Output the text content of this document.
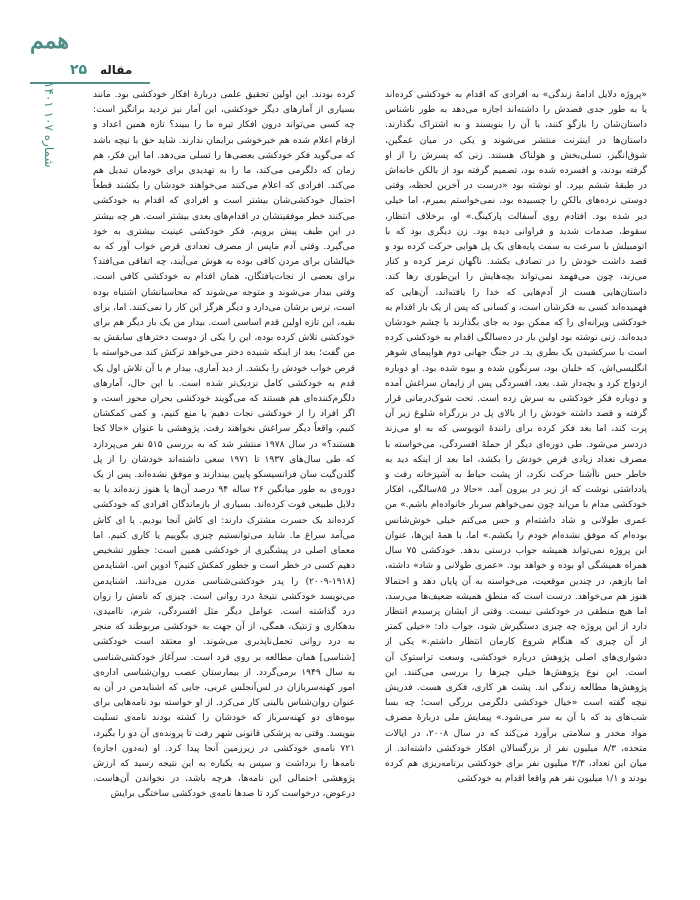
همم
۲۵ مقاله
شماره ۱۰۷ ۱۴۰۱

«پروژه دلایل ادامهٔ زندگی» به افرادی که اقدام به خودکشی کرده‌اند یا به طور جدی قصدش را داشته‌اند اجازه می‌دهد به طور ناشناس داستان‌شان را بازگو کنند، یا آن را بنویسند و به اشتراک بگذارند. داستان‌ها در اینترنت منتشر می‌شوند و یکی در میان غمگین، شوق‌انگیز، تسلی‌بخش و هولناک هستند. زنی که پسرش را از او گرفته بودند، و افسرده شده بود، تصمیم گرفته بود از بالکن خانه‌اش در طبقهٔ ششم بپرد. او نوشته بود «درست در آخرین لحظه، وقتی دوستی نرده‌های بالکن را چسبیده بود، نمی‌خواستم بمیرم، اما خیلی دیر شده بود. افتادم روی آسفالت پارکینگ.» او، برخلاف انتظار، سقوط، صدمات شدید و فراوانی دیده بود. زن دیگری بود که با اتومبیلش با سرعت به سمت پایه‌های یک پل هوایی حرکت کرده بود و قصد داشت خودش را در تصادف بکشد. ناگهان ترمز کرده و کنار می‌زند، چون می‌فهمد نمی‌تواند بچه‌هایش را این‌طوری رها کند. داستان‌هایی هست از آدم‌هایی که خدا را یافته‌اند، آن‌هایی که فهمیده‌اند کسی به فکرشان است، و کسانی که پس از یک بار اقدام به خودکشی ویرانه‌ای را که ممکن بود به جای بگذارند با چشم خودشان دیده‌اند. زنی نوشته بود اولین بار در ده‌سالگی اقدام به خودکشی کرده است با سرکشیدن یک بطری ید. در جنگ جهانی دوم هواپیمای شوهر انگلیسی‌اش، که خلبان بود، سرنگون شده و بیوه شده بود. او دوباره ازدواج کرد و بچه‌دار شد. بعد، افسردگی پس از زایمان سراغش آمده و دوباره فکر خودکشی به سرش زده است. تحت شوک‌درمانی قرار گرفته و قصد داشته خودش را از بالای پل در بزرگراه شلوغ زیر آن پرت کند، اما بعد فکر کرده برای رانندهٔ اتوبوسی که به او می‌زند دردسر می‌شود. طی دوره‌ای دیگر از حملهٔ افسردگی، می‌خواسته با مصرف تعداد زیادی قرص خودش را بکشد، اما بعد از اینکه دید به خاطر حس ناآشنا حرکت نکرد، از پشت حیاط به آشپزخانه رفت و یادداشتی نوشت که از زیر در بیرون آمد. «حالا در ۸۵سالگی، افکار خودکشی مدام با من‌اند چون نمی‌خواهم سربار خانواده‌ام باشم.» من عمری طولانی و شاد داشته‌ام و حس می‌کنم خیلی خوش‌شانس بوده‌ام که موفق نشده‌ام خودم را بکشم.» اما، با همهٔ این‌ها، عنوان این پروژه نمی‌تواند همیشه جواب درستی بدهد. خودکشی ۷۵ سال همراه همیشگی او بوده و خواهد بود. «عمری طولانی و شاد» داشته، اما بازهم، در چندین موقعیت، می‌خواسته به آن پایان دهد و احتمالا هنوز هم می‌خواهد. درست است که منطق همیشه ضعیف‌ها می‌رسد، اما هیچ منطقی در خودکشی نیست. وقتی از ایشان پرسیدم انتظار دارد از این پروژه چه چیزی دستگیرش شود، جواب داد: «خیلی کمتر از آن چیزی که هنگام شروع کارمان انتظار داشتم.» یکی از دشواری‌های اصلی پژوهش درباره خودکشی، وسعت تراستوک آن است. این نوع پژوهش‌ها خیلی چیزها را بررسی می‌کنند. این پژوهش‌ها مطالعه زندگی اند. پشت هر کاری، فکری هست. فدریش نیچه گفته است «خیال خودکشی دلگرمی بزرگی است؛ چه بسا شب‌های بد که با آن به سر می‌شود.» پیمایش ملی دربارهٔ مصرف مواد مخدر و سلامتی برآورد می‌کند که در سال ۲۰۰۸، در ایالات متحده، ۸/۳ میلیون نفر از بزرگسالان افکار خودکشی داشته‌اند. از میان این تعداد، ۲/۳ میلیون نفر برای خودکشی برنامه‌ریزی هم کرده بودند و ۱/۱ میلیون نفر هم واقعا اقدام به خودکشی

کرده بودند. این اولین تحقیق علمی دربارهٔ افکار خودکشی بود. مانند بسیاری از آمارهای دیگر خودکشی، این آمار نیز تردید برانگیز است: چه کسی می‌تواند درون افکار تیره ما را ببیند؟ تازه همین اعداد و ارقام اعلام شده هم خبرخوشی برایمان ندارند. شاید حق با نیچه باشد که می‌گوید فکر خودکشی بعضی‌ها را تسلی می‌دهد. اما این فکر، هم زمان که دلگرمی می‌کند، ما را به تهدیدی برای خودمان تبدیل هم می‌کند. افرادی که اعلام می‌کنند می‌خواهند خودشان را بکشند قطعاً احتمال خودکشی‌شان بیشتر است و افرادی که اقدام به خودکشی می‌کنند خطر موفقیتشان در اقدام‌های بعدی بیشتر است. هر چه بیشتر در این طیف پیش برویم، فکر خودکشی عینیت بیشتری به خود می‌گیرد. وقتی آدم ماپس از مصرف تعدادی قرص خواب آور که به خیالشان برای مردن کافی بوده به هوش می‌آیند، چه اتفاقی می‌افتد؟ برای بعضی از نجات‌یافتگان، همان اقدام به خودکشی کافی است. وقتی بیدار می‌شوند و متوجه می‌شوند که محاسباتشان اشتباه بوده است، ترس برشان می‌دارد و دیگر هرگز این کار را نمی‌کنند. اما، برای بقیه، این تازه اولین قدم اساسی است. بیدار من یک بار دیگر هم برای خودکشی تلاش کرده بوده، این را یکی از دوست دخترهای سابقش به من گفت؛ بعد از اینکه شنیده دختر می‌خواهد ترکش کند می‌خواسته با قرص خواب خودش را بکشد. از دید آماری، بیدار م با آن تلاش اول یک قدم به خودکشی کامل نزدیک‌تر شده است. با این حال، آمارهای دلگرم‌کننده‌ای هم هستند که می‌گویند خودکشی بحران محور است، و اگر افراد را از خودکشی نجات دهیم یا منع کنیم، و کمی کمکشان کنیم، واقعاً دیگر سراغش نخواهند رفت. پژوهشی با عنوان «حالا کجا هستند؟» در سال ۱۹۷۸ منتشر شد که به بررسی ۵۱۵ نفر می‌پردازد که طی سال‌های ۱۹۳۷ تا ۱۹۷۱ سعی داشته‌اند خودشان را از پل گلدن‌گیت سان فرانسیسکو پایین بیندازند و موفق نشده‌اند. پس از یک دوره‌ی به طور میانگین ۲۶ ساله ۹۴ درصد آن‌ها یا هنوز زنده‌اند یا به دلایل طبیعی فوت کرده‌اند. بسیاری از بازماندگان افرادی که خودکشی کرده‌اند یک حسرت مشترک دارند: ای کاش آنجا بودیم. یا ای کاش می‌آمد سراغ ما. شاید می‌توانستیم چیزی بگوییم یا کاری کنیم. اما معمای اصلی در پیشگیری از خودکشی همین است: جطور تشخیص دهیم کسی در خطر است و جطور کمکش کنیم؟ ادوین اس. اشنایدمن (۱۹۱۸-۲۰۰۹) را پدر خودکشی‌شناسی مدرن می‌دانند. اشنایدمن می‌نویسد خودکشی نتیجهٔ درد روانی است. چیزی که نامش را روان درد گذاشته است. عوامل دیگر مثل افسردگی، شرم، ناامیدی، بدهکاری و ژنتیک، همگی، از آن جهت به خودکشی مربوطند که منجر به درد روانی تحمل‌ناپذیری می‌شوند. او معتقد است خودکشی [شناسی] همان مطالعه بر روی قرد است. سرآغاز خودکشی‌شناسی به سال ۱۹۴۹ برمی‌گردد. از بیمارستان عصب روان‌شناسی اداره‌ی امور کهنه‌سربازان در لس‌آنجلس غربی، جایی که اشنایدمن در آن به عنوان روان‌شناس بالینی کار می‌کرد. از او خواسته بود نامه‌هایی برای بیوه‌های دو کهنه‌سرباز که خودشان را کشته بودند نامه‌ی تسلیت بنویسد. وقتی به پزشکی قانونی شهر رفت تا پرونده‌ی آن دو را بگیرد، ۷۲۱ نامه‌ی خودکشی در زیرزمین آنجا پیدا کرد. او (به‌دون اجازه) نامه‌ها را برداشت و سپس به یکباره به این نتیجه رسید که ارزش پژوهشی احتمالی این نامه‌ها، هرچه باشد، در نخواندن آن‌هاست. درعوض، درخواست کرد تا صدها نامه‌ی خودکشی ساختگی برایش
